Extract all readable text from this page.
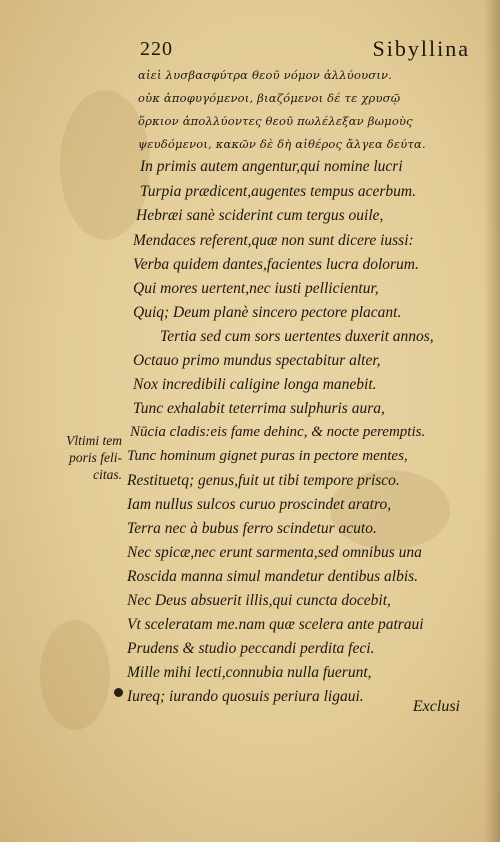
220	Sibyllina
αἰεὶ λυσβασφύτρα θεοῦ νόμον ἀλλύουσιν.
οὐκ ἀποφυγόμενοι, βιαζόμενοι δέ τε χρυσῷ
ὅρκιον ἀπολλύοντες θεοῦ πωλέλεξαν βωμοὺς
ψευδόμενοι, κακῶν δὲ δὴ αἰθέρος ἄλγεα δεύτα.
In primis autem angentur,qui nomine lucri
Turpia prædicent,augentes tempus acerbum.
Hebræi sanè sciderint cum tergus ouile,
Mendaces referent,quæ non sunt dicere iussi:
Verba quidem dantes,facientes lucra dolorum.
Qui mores uertent,nec iusti pellicientur,
Quiq; Deum planè sincero pectore placant.
Tertia sed cum sors uertentes duxerit annos,
Octauo primo mundus spectabitur alter,
Nox incredibili caligine longa manebit.
Tunc exhalabit teterrima sulphuris aura,
Nūcia cladis:eis fame dehinc, & nocte peremptis.
Tunc hominum gignet puras in pectore mentes,
Restituetq; genus,fuit ut tibi tempore prisco.
Iam nullus sulcos curuo proscindet aratro,
Terra nec à bubus ferro scindetur acuto.
Nec spicæ,nec erunt sarmenta,sed omnibus una
Roscida manna simul mandetur dentibus albis.
Nec Deus absuerit illis,qui cuncta docebit,
Vt sceleratam me.nam quæ scelera ante patraui
Prudens & studio peccandi perdita feci.
Mille mihi lecti,connubia nulla fuerunt,
Iureq; iurando quosuis periura ligaui.
Vltimi tem
poris feli-
citas.
Exclusi
